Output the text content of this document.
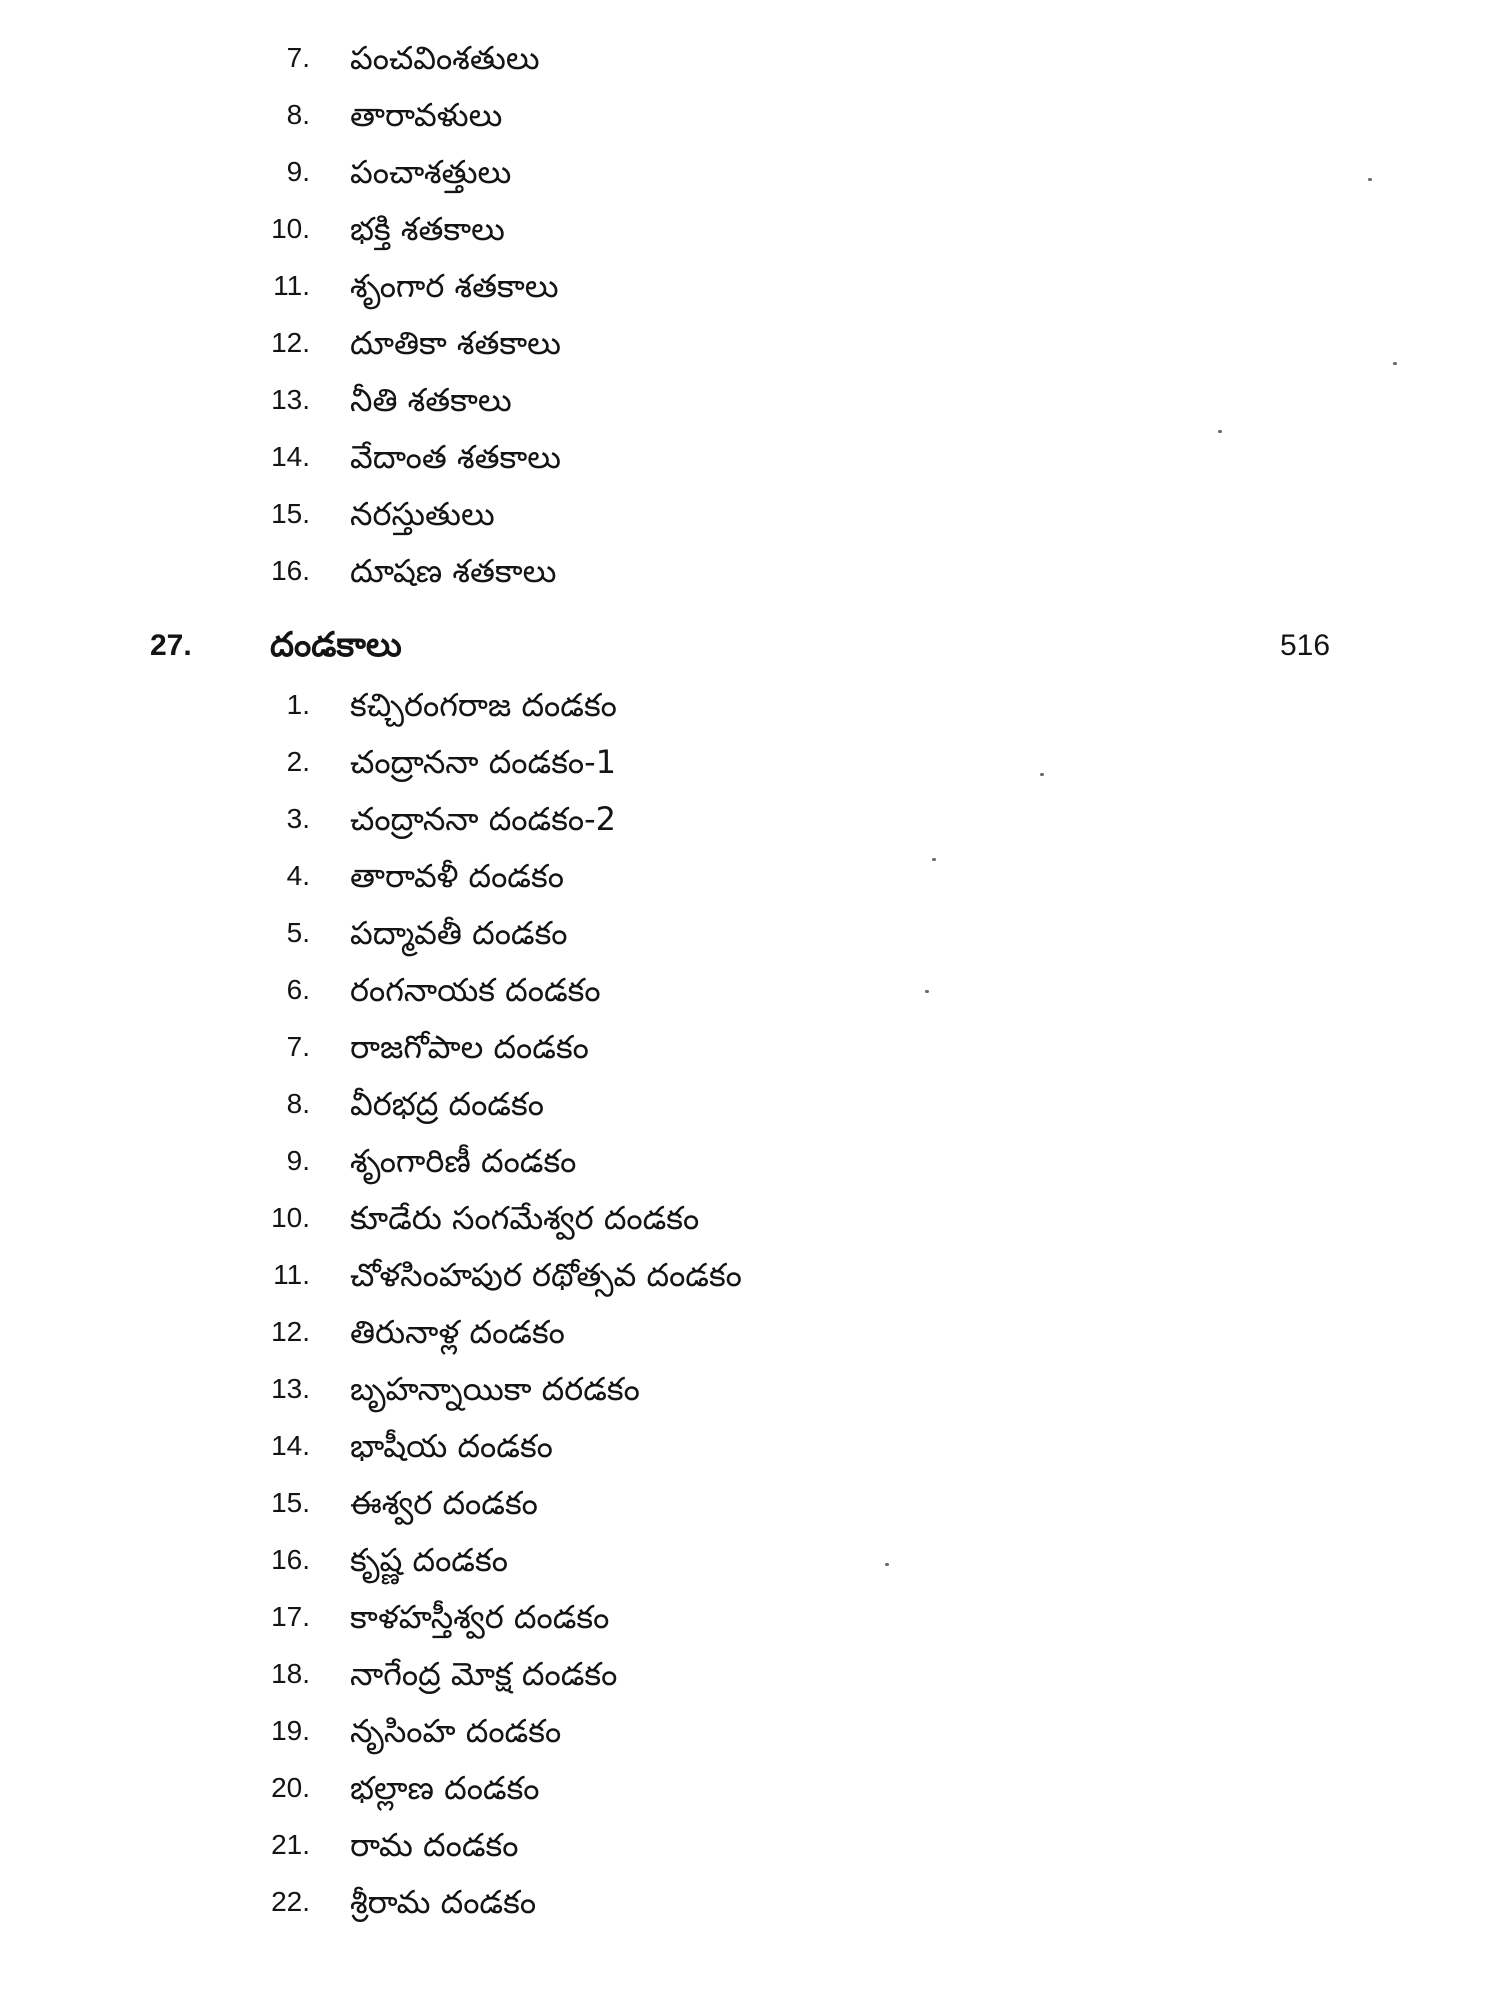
7. పంచవింశతులు
8. తారావళులు
9. పంచాశత్తులు
10. భక్తి శతకాలు
11. శృంగార శతకాలు
12. దూతికా శతకాలు
13. నీతి శతకాలు
14. వేదాంత శతకాలు
15. నరస్తుతులు
16. దూషణ శతకాలు
27. దండకాలు	516
1. కచ్చిరంగరాజ దండకం
2. చంద్రాననా దండకం-1
3. చంద్రాననా దండకం-2
4. తారావళీ దండకం
5. పద్మావతీ దండకం
6. రంగనాయక దండకం
7. రాజగోపాల దండకం
8. వీరభద్ర దండకం
9. శృంగారిణీ దండకం
10. కూడేరు సంగమేశ్వర దండకం
11. చోళసింహపుర రథోత్సవ దండకం
12. తిరునాళ్ల దండకం
13. బృహన్నాయికా దరడకం
14. భాషీయ దండకం
15. ఈశ్వర దండకం
16. కృష్ణ దండకం
17. కాళహస్తీశ్వర దండకం
18. నాగేంద్ర మోక్ష దండకం
19. నృసింహ దండకం
20. భల్లాణ దండకం
21. రామ దండకం
22. శ్రీరామ దండకం
